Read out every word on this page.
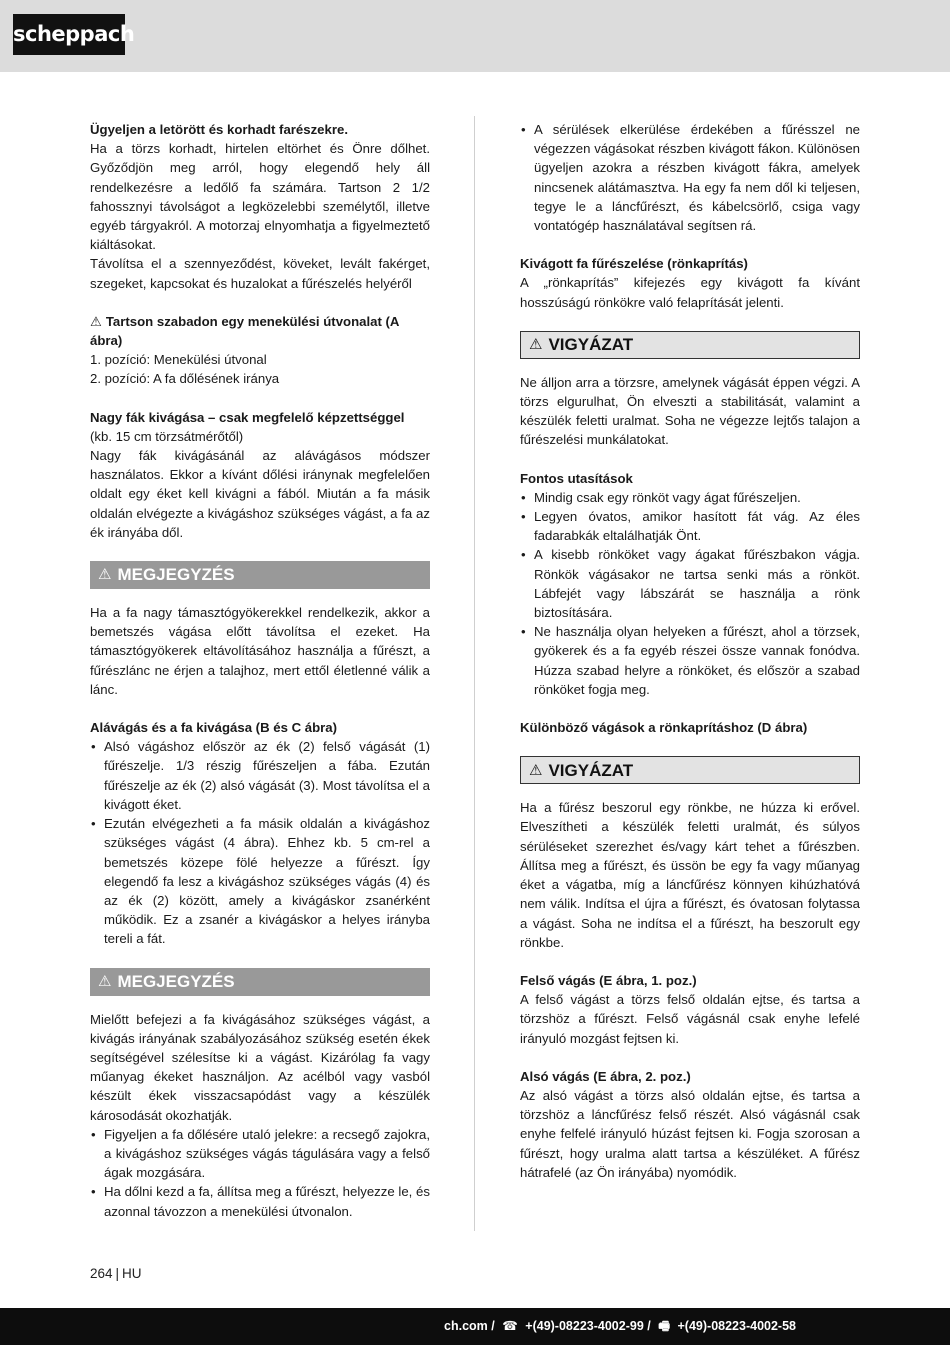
scheppach

Ügyeljen a letörött és korhadt farészekre.

Ha a törzs korhadt, hirtelen eltörhet és Önre dőlhet. Győződjön meg arról, hogy elegendő hely áll rendelkezésre a ledőlő fa számára. Tartson 2 1/2 fahossznyi távolságot a legközelebbi személytől, illetve egyéb tárgyakról. A motorzaj elnyomhatja a figyelmeztető kiáltásokat.

Távolítsa el a szennyeződést, köveket, levált fakérget, szegeket, kapcsokat és huzalokat a fűrészelés helyéről

⚠ Tartson szabadon egy menekülési útvonalat (A ábra)

1. pozíció: Menekülési útvonal

2. pozíció: A fa dőlésének iránya

Nagy fák kivágása – csak megfelelő képzettséggel (kb. 15 cm törzsátmérőtől)

Nagy fák kivágásánál az alávágásos módszer használatos. Ekkor a kívánt dőlési iránynak megfelelően oldalt egy éket kell kivágni a fából. Miután a fa másik oldalán elvégezte a kivágáshoz szükséges vágást, a fa az ék irányába dől.

⚠ MEGJEGYZÉS

Ha a fa nagy támasztógyökerekkel rendelkezik, akkor a bemetszés vágása előtt távolítsa el ezeket. Ha támasztógyökerek eltávolításához használja a fűrészt, a fűrészlánc ne érjen a talajhoz, mert ettől életlenné válik a lánc.

Alávágás és a fa kivágása (B és C ábra)

• Alsó vágáshoz először az ék (2) felső vágását (1) fűrészelje. 1/3 részig fűrészeljen a fába. Ezután fűrészelje az ék (2) alsó vágását (3). Most távolítsa el a kivágott éket.
• Ezután elvégezheti a fa másik oldalán a kivágáshoz szükséges vágást (4 ábra). Ehhez kb. 5 cm-rel a bemetszés közepe fölé helyezze a fűrészt. Így elegendő fa lesz a kivágáshoz szükséges vágás (4) és az ék (2) között, amely a kivágáskor zsanérként működik. Ez a zsanér a kivágáskor a helyes irányba tereli a fát.
⚠ MEGJEGYZÉS

Mielőtt befejezi a fa kivágásához szükséges vágást, a kivágás irányának szabályozásához szükség esetén ékek segítségével szélesítse ki a vágást. Kizárólag fa vagy műanyag ékeket használjon. Az acélból vagy vasból készült ékek visszacsapódást vagy a készülék károsodását okozhatják.

• Figyeljen a fa dőlésére utaló jelekre: a recsegő zajokra, a kivágáshoz szükséges vágás tágulására vagy a felső ágak mozgására.
• Ha dőlni kezd a fa, állítsa meg a fűrészt, helyezze le, és azonnal távozzon a menekülési útvonalon.
• A sérülések elkerülése érdekében a fűrésszel ne végezzen vágásokat részben kivágott fákon. Különösen ügyeljen azokra a részben kivágott fákra, amelyek nincsenek alátámasztva. Ha egy fa nem dől ki teljesen, tegye le a láncfűrészt, és kábelcsörlő, csiga vagy vontatógép használatával segítsen rá.

Kivágott fa fűrészelése (rönkaprítás)

A „rönkaprítás” kifejezés egy kivágott fa kívánt hosszúságú rönkökre való felaprítását jelenti.

⚠ VIGYÁZAT

Ne álljon arra a törzsre, amelynek vágását éppen végzi. A törzs elgurulhat, Ön elveszti a stabilitását, valamint a készülék feletti uralmat. Soha ne végezze lejtős talajon a fűrészelési munkálatokat.

Fontos utasítások

• Mindig csak egy rönköt vagy ágat fűrészeljen.
• Legyen óvatos, amikor hasított fát vág. Az éles fadarabkák eltalálhatják Önt.
• A kisebb rönköket vagy ágakat fűrészbakon vágja. Rönkök vágásakor ne tartsa senki más a rönköt. Lábfejét vagy lábszárát se használja a rönk biztosítására.
• Ne használja olyan helyeken a fűrészt, ahol a törzsek, gyökerek és a fa egyéb részei össze vannak fonódva. Húzza szabad helyre a rönköket, és először a szabad rönköket fogja meg.

Különböző vágások a rönkaprításhoz (D ábra)

⚠ VIGYÁZAT

Ha a fűrész beszorul egy rönkbe, ne húzza ki erővel. Elveszítheti a készülék feletti uralmát, és súlyos sérüléseket szerezhet és/vagy kárt tehet a fűrészben. Állítsa meg a fűrészt, és üssön be egy fa vagy műanyag éket a vágatba, míg a láncfűrész könnyen kihúzhatóvá nem válik. Indítsa el újra a fűrészt, és óvatosan folytassa a vágást. Soha ne indítsa el a fűrészt, ha beszorult egy rönkbe.

Felső vágás (E ábra, 1. poz.)

A felső vágást a törzs felső oldalán ejtse, és tartsa a törzshöz a fűrészt. Felső vágásnál csak enyhe lefelé irányuló mozgást fejtsen ki.

Alsó vágás (E ábra, 2. poz.)

Az alsó vágást a törzs alsó oldalán ejtse, és tartsa a törzshöz a láncfűrész felső részét. Alsó vágásnál csak enyhe felfelé irányuló húzást fejtsen ki. Fogja szorosan a fűrészt, hogy uralma alatt tartsa a készüléket. A fűrész hátrafelé (az Ön irányába) nyomódik.

264 | HU
ch.com / ☎ +(49)-08223-4002-99 / 🖷 +(49)-08223-4002-58
